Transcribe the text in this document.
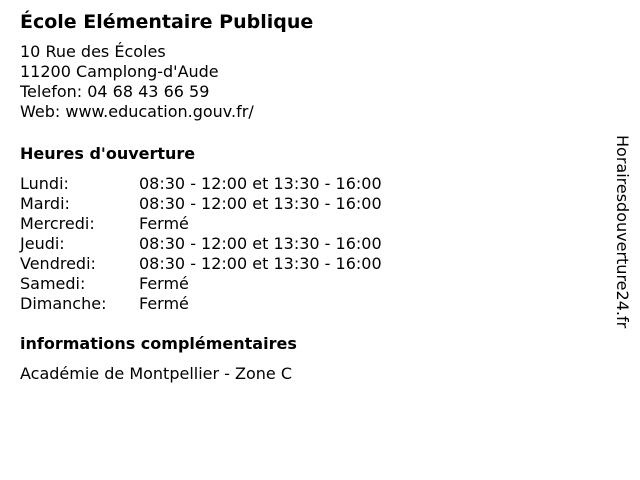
École Elémentaire Publique
10 Rue des Écoles
11200 Camplong-d'Aude
Telefon: 04 68 43 66 59
Web: www.education.gouv.fr/
Heures d'ouverture
Lundi:	08:30 - 12:00 et 13:30 - 16:00
Mardi:	08:30 - 12:00 et 13:30 - 16:00
Mercredi:	Fermé
Jeudi:	08:30 - 12:00 et 13:30 - 16:00
Vendredi:	08:30 - 12:00 et 13:30 - 16:00
Samedi:	Fermé
Dimanche:	Fermé
informations complémentaires
Académie de Montpellier - Zone C
Horairesdouverture24.fr
